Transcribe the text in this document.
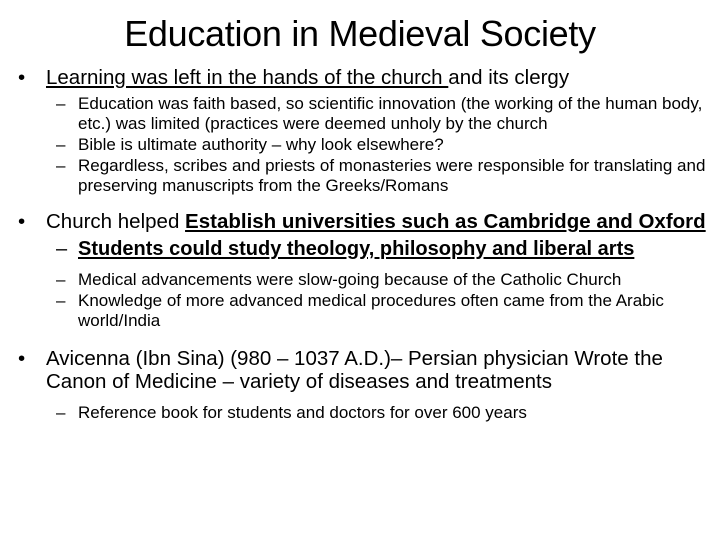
Education in Medieval Society
• Learning was left in the hands of the church and its clergy
– Education was faith based, so scientific innovation (the working of the human body, etc.) was limited (practices were deemed unholy by the church
– Bible is ultimate authority – why look elsewhere?
– Regardless, scribes and priests of monasteries were responsible for translating and preserving manuscripts from the Greeks/Romans
• Church helped Establish universities such as Cambridge and Oxford
– Students could study theology, philosophy and liberal arts
– Medical advancements were slow-going because of the Catholic Church
– Knowledge of more advanced medical procedures often came from the Arabic world/India
• Avicenna (Ibn Sina) (980 – 1037 A.D.)– Persian physician Wrote the Canon of Medicine – variety of diseases and treatments
– Reference book for students and doctors for over 600 years
